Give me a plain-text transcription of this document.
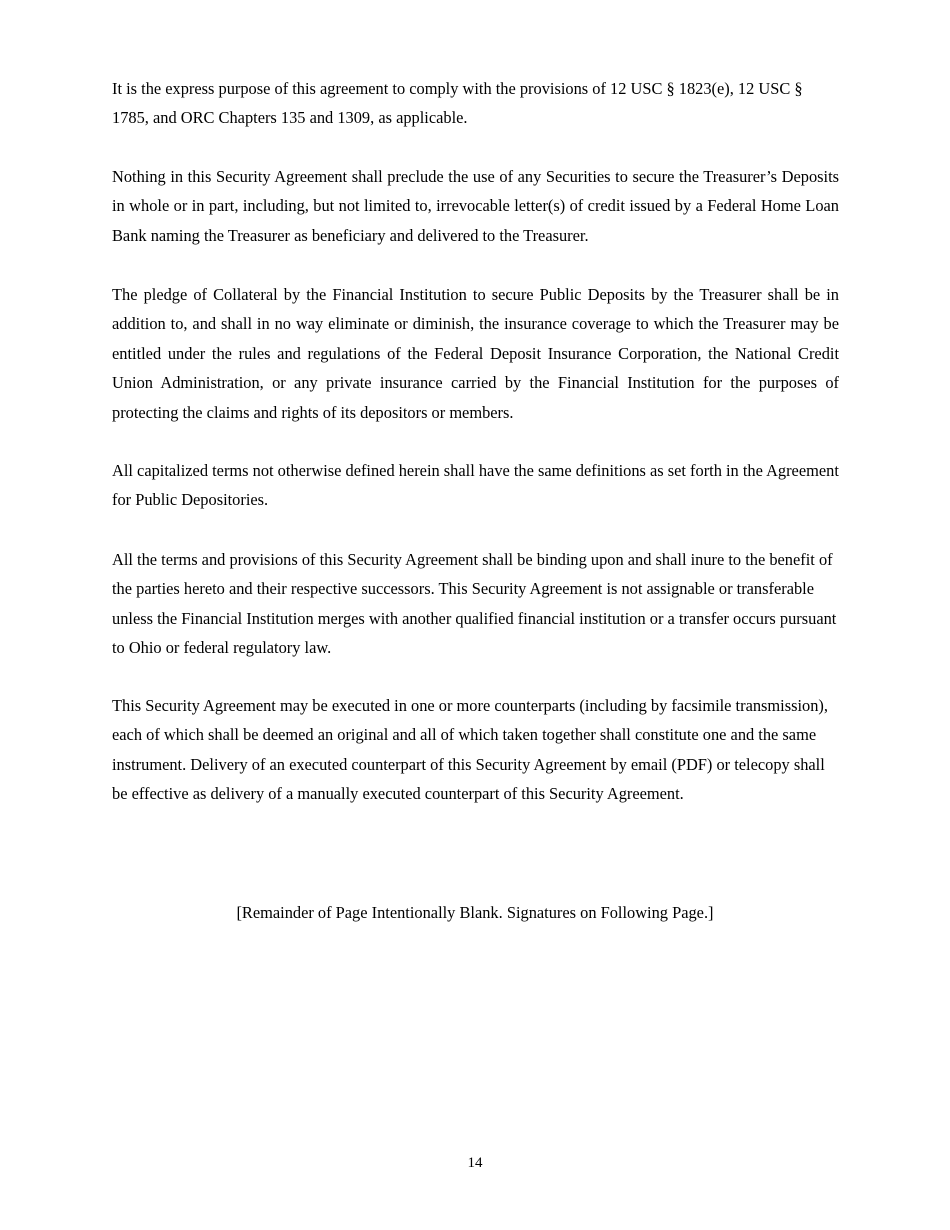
It is the express purpose of this agreement to comply with the provisions of 12 USC § 1823(e), 12 USC § 1785, and ORC Chapters 135 and 1309, as applicable.

Nothing in this Security Agreement shall preclude the use of any Securities to secure the Treasurer’s Deposits in whole or in part, including, but not limited to, irrevocable letter(s) of credit issued by a Federal Home Loan Bank naming the Treasurer as beneficiary and delivered to the Treasurer.

The pledge of Collateral by the Financial Institution to secure Public Deposits by the Treasurer shall be in addition to, and shall in no way eliminate or diminish, the insurance coverage to which the Treasurer may be entitled under the rules and regulations of the Federal Deposit Insurance Corporation, the National Credit Union Administration, or any private insurance carried by the Financial Institution for the purposes of protecting the claims and rights of its depositors or members.

All capitalized terms not otherwise defined herein shall have the same definitions as set forth in the Agreement for Public Depositories.

All the terms and provisions of this Security Agreement shall be binding upon and shall inure to the benefit of the parties hereto and their respective successors. This Security Agreement is not assignable or transferable unless the Financial Institution merges with another qualified financial institution or a transfer occurs pursuant to Ohio or federal regulatory law.

This Security Agreement may be executed in one or more counterparts (including by facsimile transmission), each of which shall be deemed an original and all of which taken together shall constitute one and the same instrument. Delivery of an executed counterpart of this Security Agreement by email (PDF) or telecopy shall be effective as delivery of a manually executed counterpart of this Security Agreement.

[Remainder of Page Intentionally Blank. Signatures on Following Page.]

14
